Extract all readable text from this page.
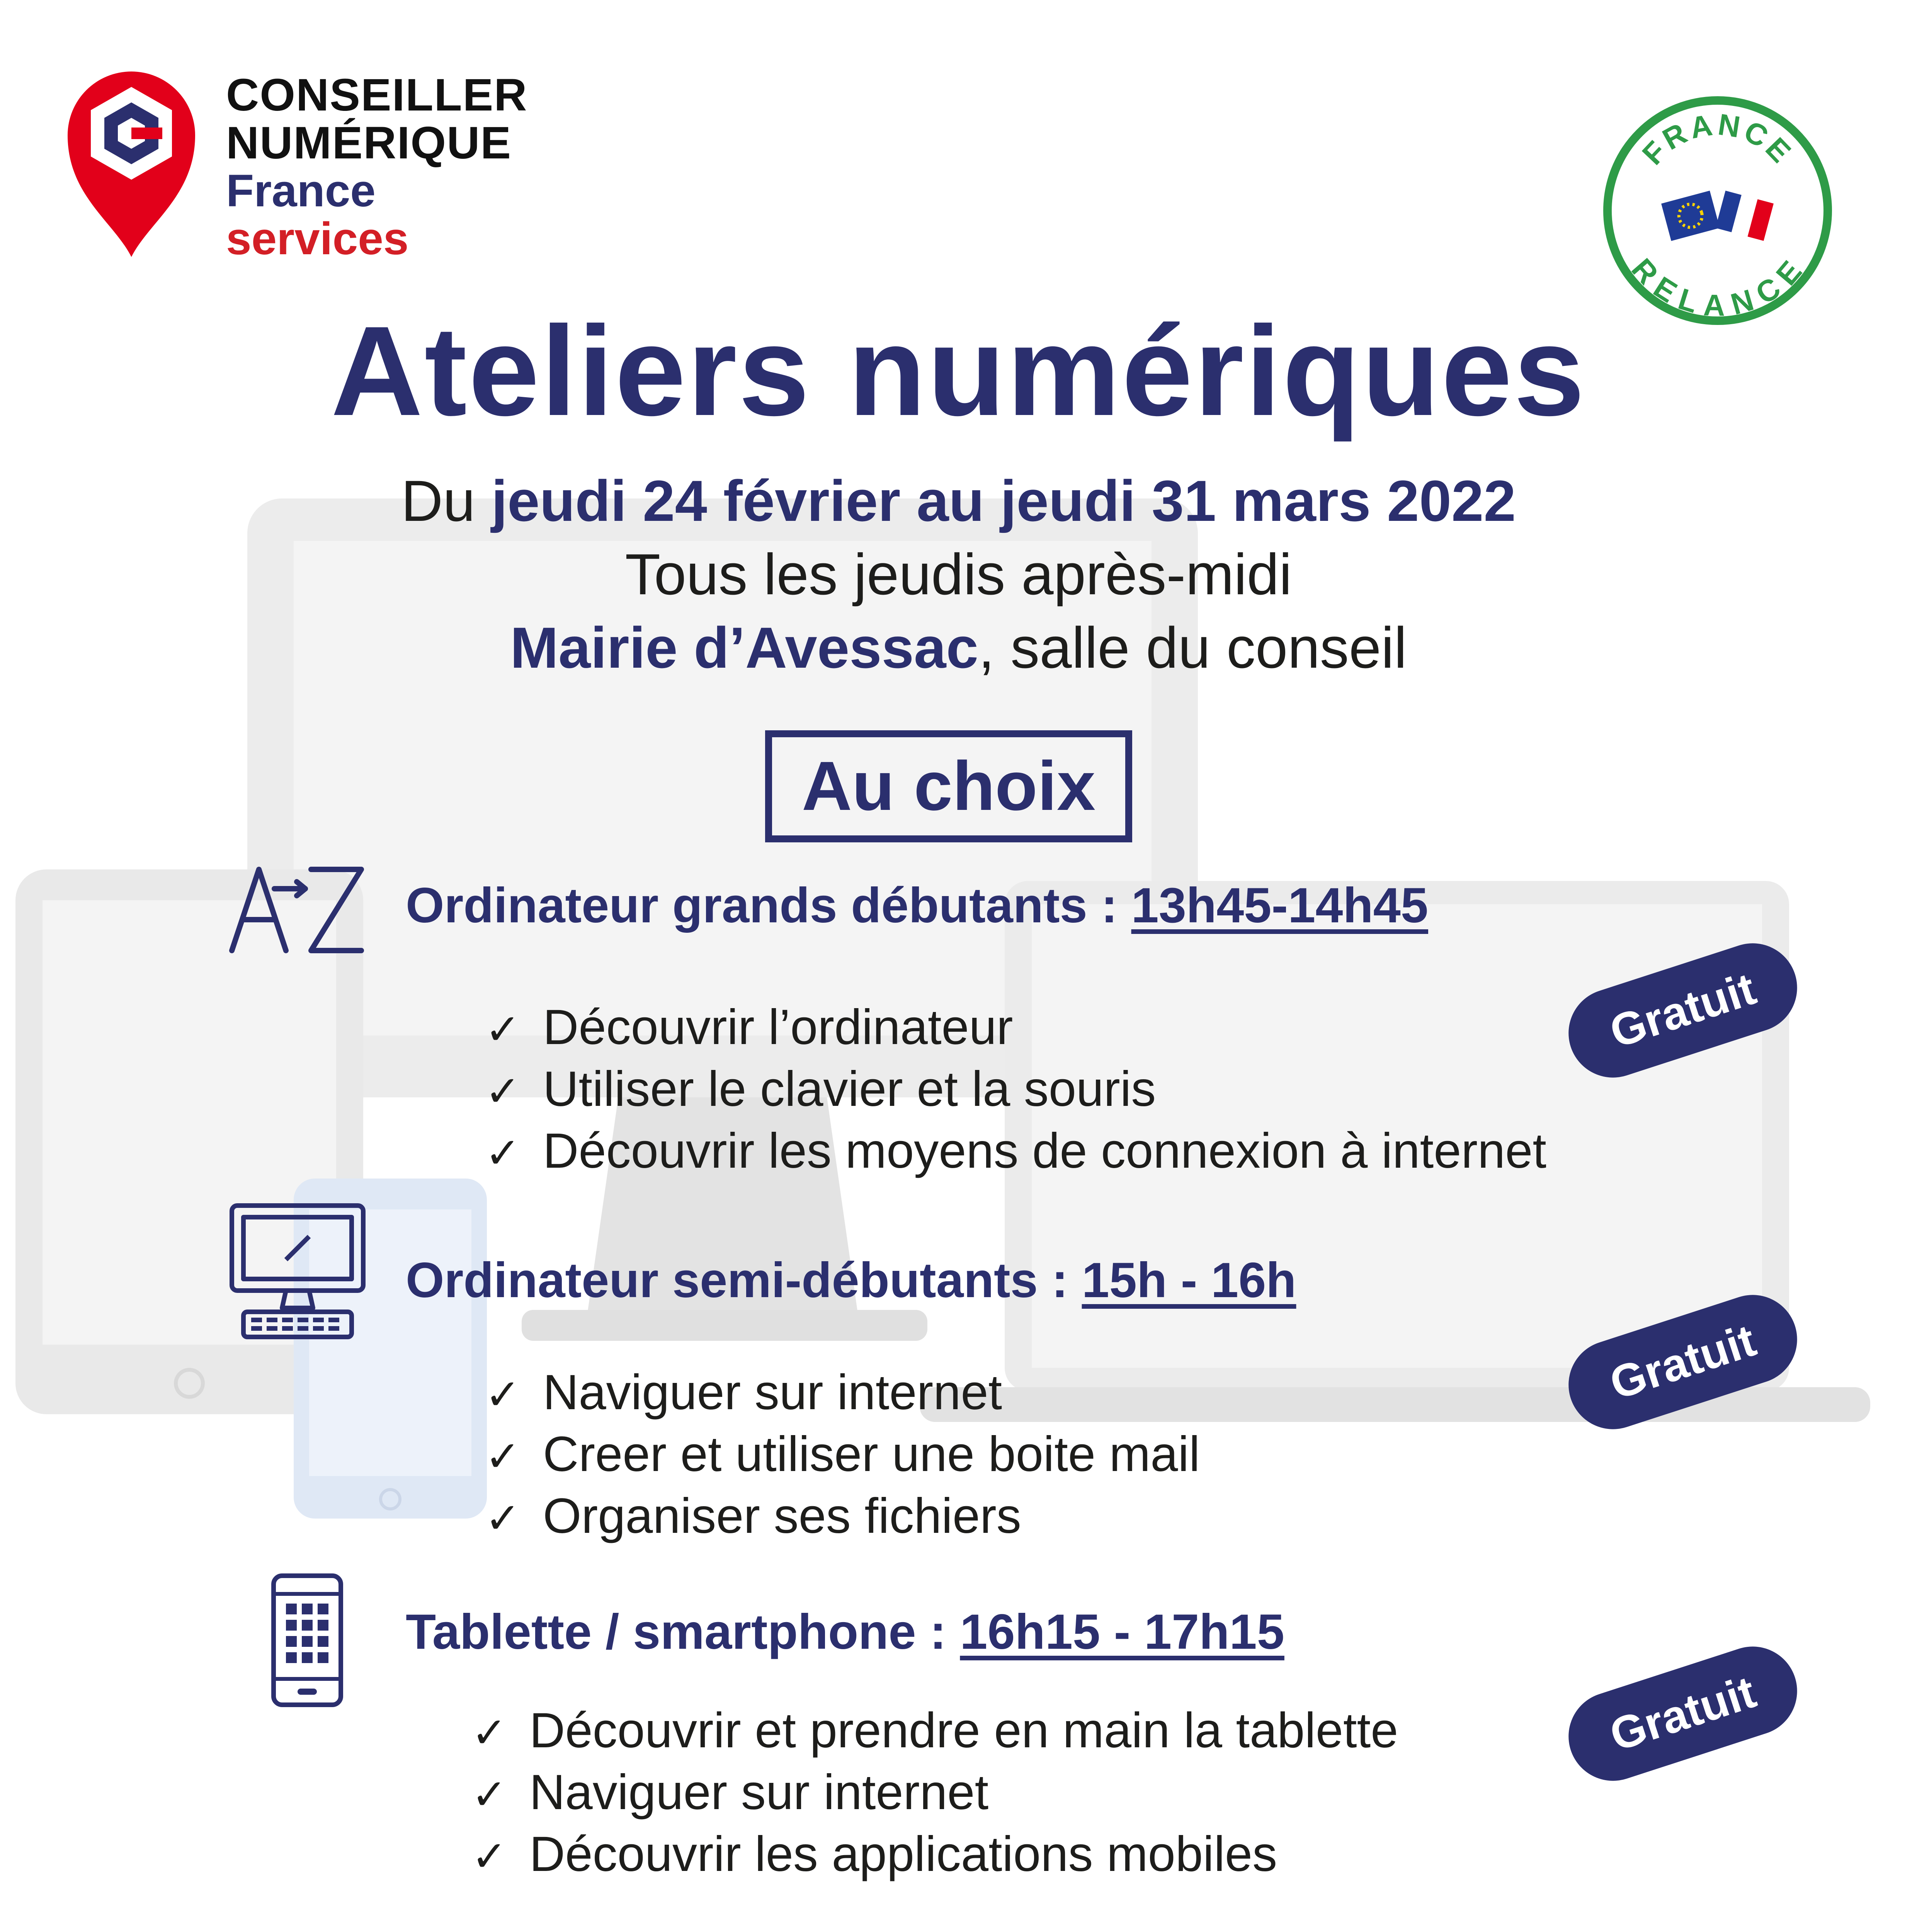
CONSEILLER
NUMÉRIQUE
France
services
FRANCE
RELANCE
Ateliers numériques
Du jeudi 24 février au jeudi 31 mars 2022
Tous les jeudis après-midi
Mairie d’Avessac, salle du conseil
Au choix
Ordinateur grands débutants : 13h45-14h45
Gratuit
✓ Découvrir l’ordinateur
✓ Utiliser le clavier et la souris
✓ Découvrir les moyens de connexion à internet
Ordinateur semi-débutants : 15h - 16h
Gratuit
✓ Naviguer sur internet
✓ Creer et utiliser une boite mail
✓ Organiser ses fichiers
Tablette / smartphone : 16h15 - 17h15
Gratuit
✓ Découvrir et prendre en main la tablette
✓ Naviguer sur internet
✓ Découvrir les applications mobiles
